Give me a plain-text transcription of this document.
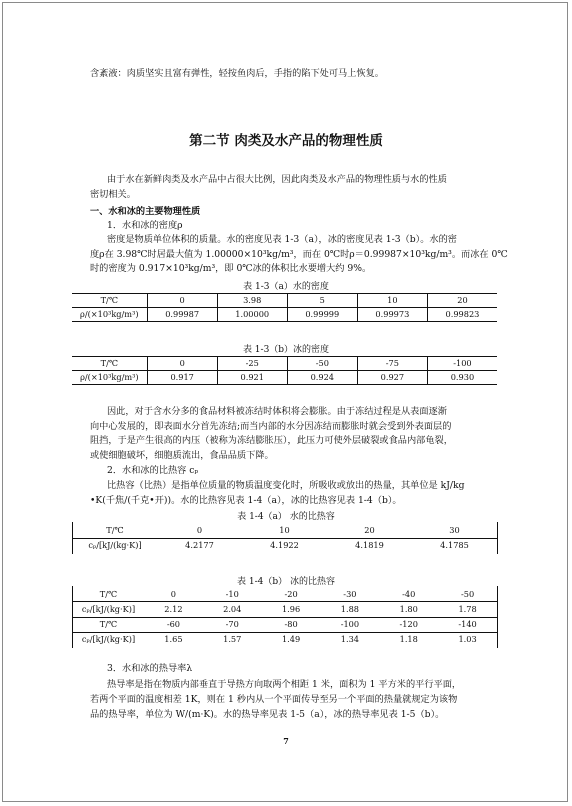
含紊液：肉质坚实且富有弹性，轻按鱼肉后，手指的陷下处可马上恢复。

第二节 肉类及水产品的物理性质

由于水在新鲜肉类及水产品中占很大比例，因此肉类及水产品的物理性质与水的性质

密切相关。

一、水和冰的主要物理性质

1．水和冰的密度ρ

密度是物质单位体积的质量。水的密度见表 1-3（a），冰的密度见表 1-3（b）。水的密

度ρ在 3.98℃时居最大值为 1.00000×10³kg/m³，而在 0℃时ρ＝0.99987×10³kg/m³。而冰在 0℃

时的密度为 0.917×10³kg/m³，即 0℃冰的体积比水要增大约 9%。

表 1-3（a）水的密度
T/℃	0	3.98	5	10	20
ρ/(×10³kg/m³)	0.99987	1.00000	0.99999	0.99973	0.99823
表 1-3（b）冰的密度
T/℃	0	-25	-50	-75	-100
ρ/(×10³kg/m³)	0.917	0.921	0.924	0.927	0.930

因此，对于含水分多的食品材料被冻结时体积将会膨胀。由于冻结过程是从表面逐渐

向中心发展的，即表面水分首先冻结;而当内部的水分因冻结而膨胀时就会受到外表面层的

阻挡，于是产生很高的内压（被称为冻结膨胀压），此压力可使外层破裂或食品内部龟裂，

或使细胞破坏，细胞质流出，食品品质下降。

2．水和冰的比热容 cₚ

比热容（比热）是指单位质量的物质温度变化时，所吸收或放出的热量，其单位是 kJ/kg

•K(千焦/(千克•开))。水的比热容见表 1-4（a），冰的比热容见表 1-4（b）。

表 1-4（a） 水的比热容
T/℃	0	10	20	30
cₚ/[kJ/(kg·K)]	4.2177	4.1922	4.1819	4.1785
表 1-4（b） 冰的比热容
T/℃	0	-10	-20	-30	-40	-50
cₚ/[kJ/(kg·K)]	2.12	2.04	1.96	1.88	1.80	1.78
T/℃	-60	-70	-80	-100	-120	-140
cₚ/[kJ/(kg·K)]	1.65	1.57	1.49	1.34	1.18	1.03

3．水和冰的热导率λ

热导率是指在物质内部垂直于导热方向取两个相距 1 米，面积为 1 平方米的平行平面，

若两个平面的温度相差 1K，则在 1 秒内从一个平面传导至另一个平面的热量就规定为该物

品的热导率，单位为 W/(m·K)。水的热导率见表 1-5（a），冰的热导率见表 1-5（b）。

7
